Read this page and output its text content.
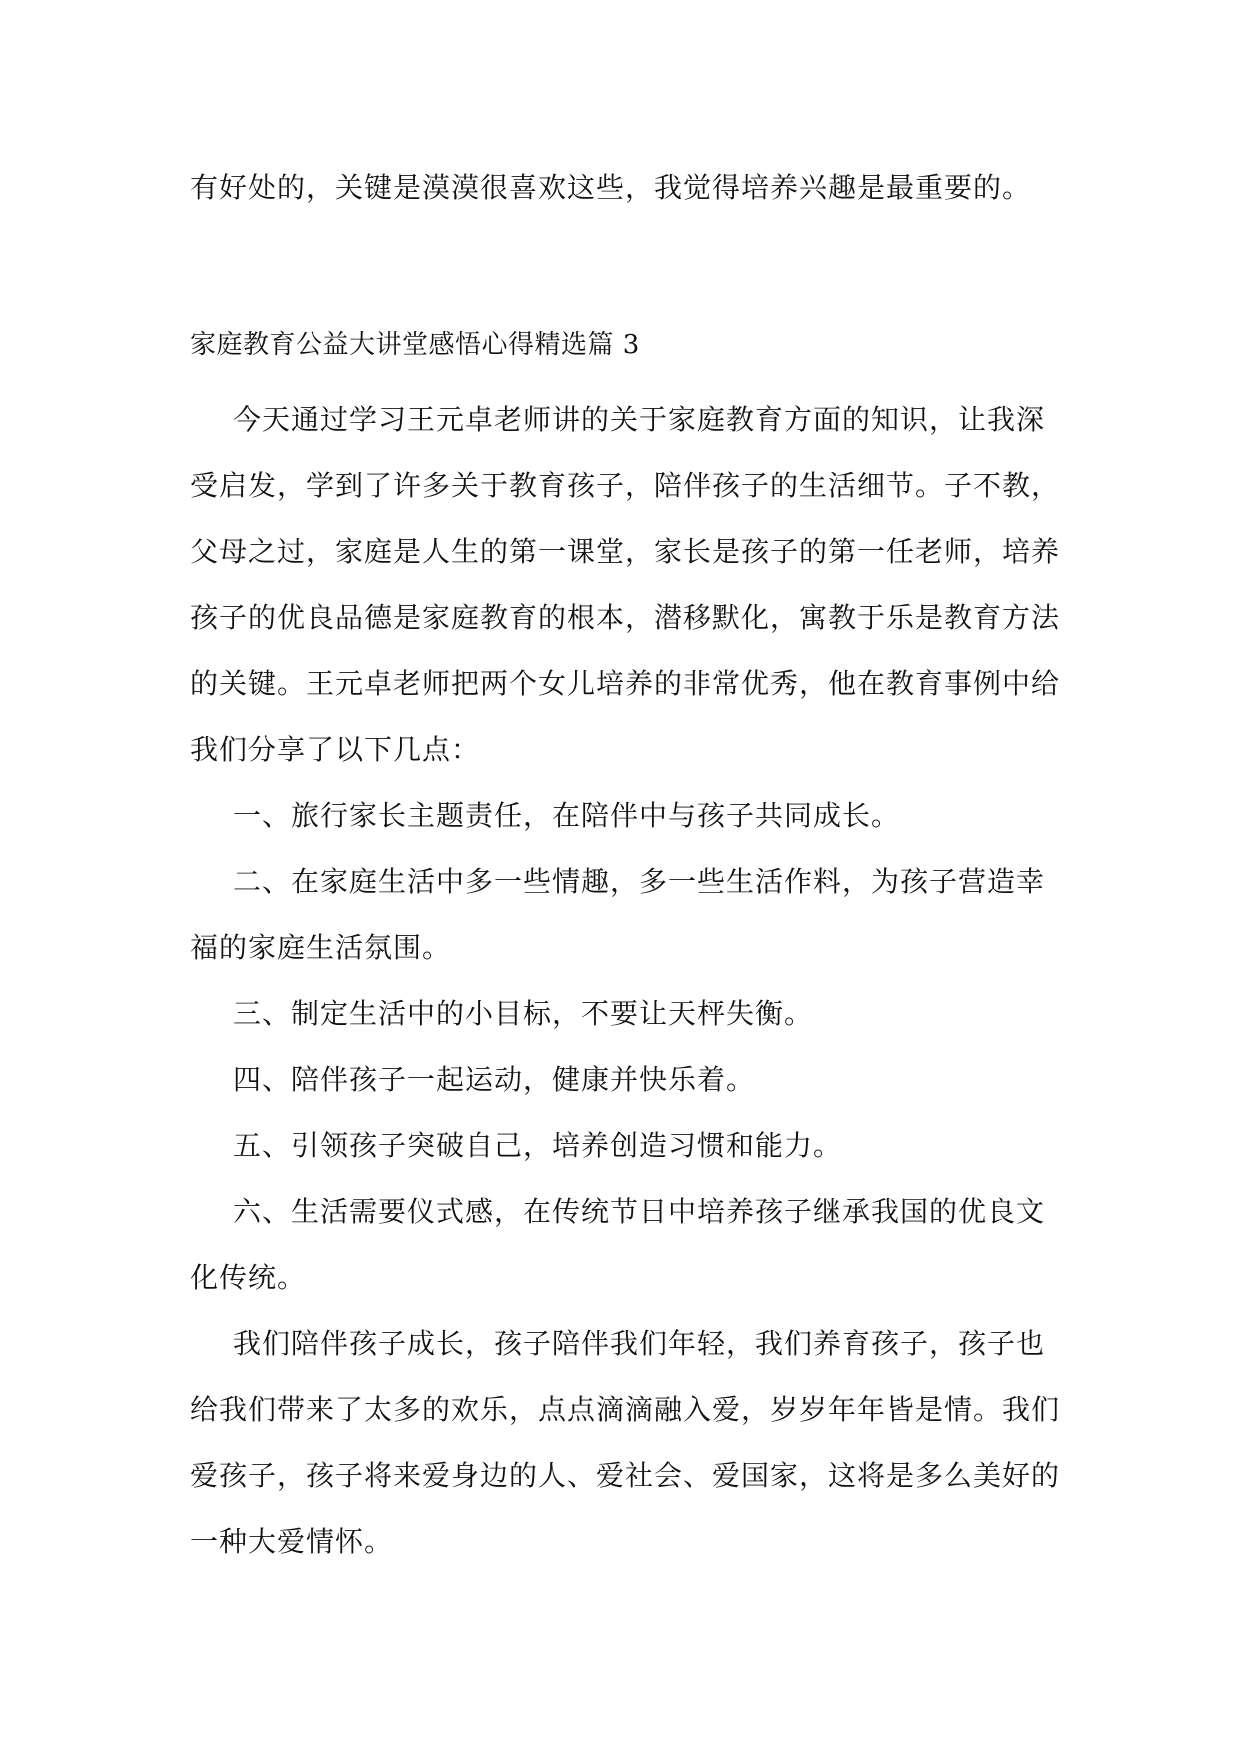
有好处的，关键是漠漠很喜欢这些，我觉得培养兴趣是最重要的。
家庭教育公益大讲堂感悟心得精选篇 3
今天通过学习王元卓老师讲的关于家庭教育方面的知识，让我深
受启发，学到了许多关于教育孩子，陪伴孩子的生活细节。子不教，
父母之过，家庭是人生的第一课堂，家长是孩子的第一任老师，培养
孩子的优良品德是家庭教育的根本，潜移默化，寓教于乐是教育方法
的关键。王元卓老师把两个女儿培养的非常优秀，他在教育事例中给
我们分享了以下几点：
一、旅行家长主题责任，在陪伴中与孩子共同成长。
二、在家庭生活中多一些情趣，多一些生活作料，为孩子营造幸
福的家庭生活氛围。
三、制定生活中的小目标，不要让天枰失衡。
四、陪伴孩子一起运动，健康并快乐着。
五、引领孩子突破自己，培养创造习惯和能力。
六、生活需要仪式感，在传统节日中培养孩子继承我国的优良文
化传统。
我们陪伴孩子成长，孩子陪伴我们年轻，我们养育孩子，孩子也
给我们带来了太多的欢乐，点点滴滴融入爱，岁岁年年皆是情。我们
爱孩子，孩子将来爱身边的人、爱社会、爱国家，这将是多么美好的
一种大爱情怀。
